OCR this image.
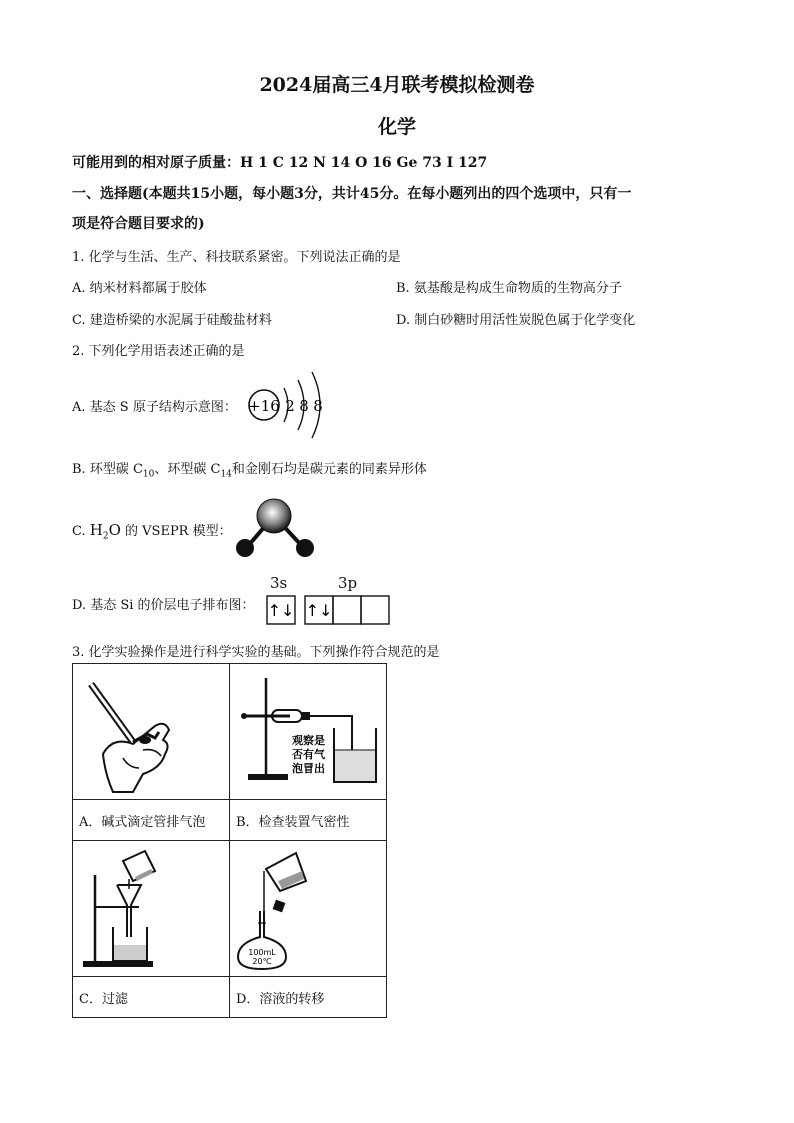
2024届高三4月联考模拟检测卷
化学
可能用到的相对原子质量：H 1 C 12 N 14 O 16 Ge 73 I 127
一、选择题(本题共15小题，每小题3分，共计45分。在每小题列出的四个选项中，只有一
项是符合题目要求的)
1. 化学与生活、生产、科技联系紧密。下列说法正确的是
A. 纳米材料都属于胶体	B. 氨基酸是构成生命物质的生物高分子
C. 建造桥梁的水泥属于硅酸盐材料	D. 制白砂糖时用活性炭脱色属于化学变化
2. 下列化学用语表述正确的是
A. 基态 S 原子结构示意图： +16 2 8 8
B. 环型碳 $C_{10}$、环型碳 $C_{14}$和金刚石均是碳元素的同素异形体
C. $H_2O$ 的 VSEPR 模型：
D. 基态 Si 的价层电子排布图：
3s	3p
↑↓ ↑↓
3. 化学实验操作是进行科学实验的基础。下列操作符合规范的是

观察是
否有气
泡冒出

A．碱式滴定管排气泡	B．检查装置气密性

100mL
20℃

C．过滤	D．溶液的转移
